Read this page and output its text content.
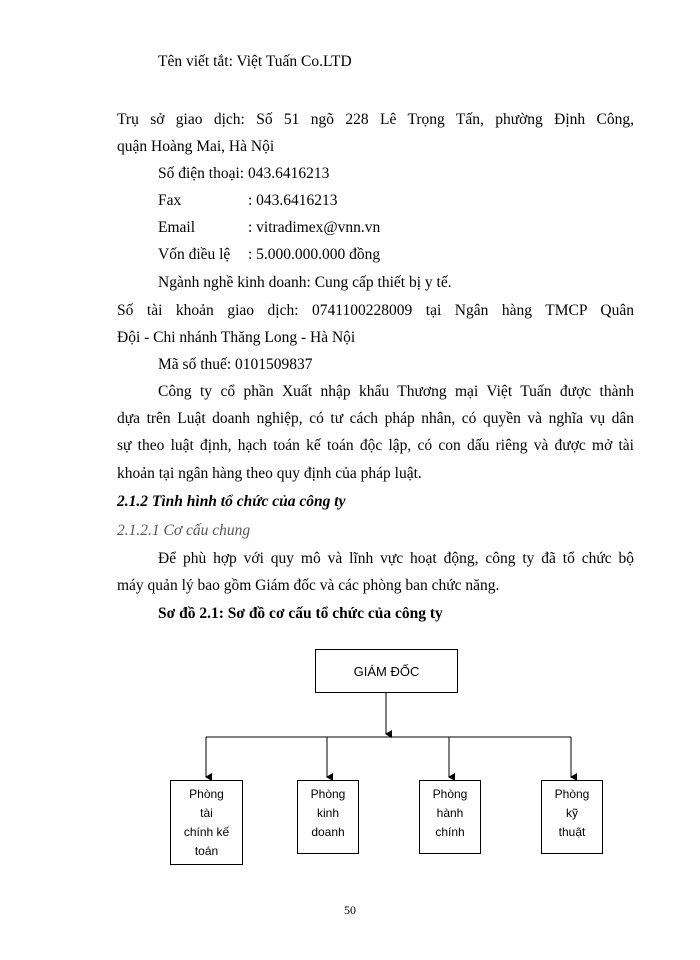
Tên viết tắt: Việt Tuấn Co.LTD
Trụ sở giao dịch: Số 51 ngõ 228 Lê Trọng Tấn, phường Định Công,
quận Hoàng Mai, Hà Nội
Số điện thoại: 043.6416213
Fax	: 043.6416213
Email	: vitradimex@vnn.vn
Vốn điều lệ : 5.000.000.000 đồng
Ngành nghề kinh doanh: Cung cấp thiết bị y tế.
Số tài khoản giao dịch: 0741100228009 tại Ngân hàng TMCP Quân
Đội - Chi nhánh Thăng Long - Hà Nội
Mã số thuế: 0101509837
Công ty cổ phần Xuất nhập khẩu Thương mại Việt Tuấn được thành
dựa trên Luật doanh nghiệp, có tư cách pháp nhân, có quyền và nghĩa vụ dân
sự theo luật định, hạch toán kế toán độc lập, có con dấu riêng và được mở tài
khoản tại ngân hàng theo quy định của pháp luật.
2.1.2 Tình hình tổ chức của công ty
2.1.2.1 Cơ cấu chung
Để phù hợp với quy mô và lĩnh vực hoạt động, công ty đã tổ chức bộ
máy quản lý bao gồm Giám đốc và các phòng ban chức năng.
Sơ đồ 2.1: Sơ đồ cơ cấu tổ chức của công ty
GIÁM ĐỐC
Phòng
tài
chính kế
toán
Phòng
kinh
doanh
Phòng
hành
chính
Phòng
kỹ
thuật
50
